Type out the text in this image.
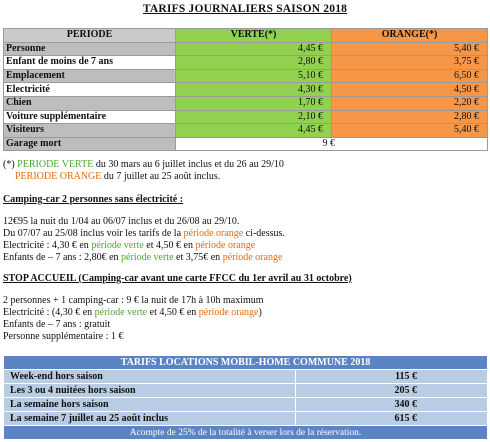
TARIFS JOURNALIERS SAISON 2018
PERIODE	VERTE(*)	ORANGE(*)
Personne	4,45 €	5,40 €
Enfant de moins de 7 ans	2,80 €	3,75 €
Emplacement	5,10 €	6,50 €
Electricité	4,30 €	4,50 €
Chien	1,70 €	2,20 €
Voiture supplémentaire	2,10 €	2,80 €
Visiteurs	4,45 €	5,40 €
Garage mort	9 €	

(*) PERIODE VERTE du 30 mars au 6 juillet inclus et du 26 au 29/10

PERIODE ORANGE du 7 juillet au 25 août inclus.

Camping-car 2 personnes sans électricité :

12€95 la nuit du 1/04 au 06/07 inclus et du 26/08 au 29/10.

Du 07/07 au 25/08 inclus voir les tarifs de la période orange ci-dessus.

Electricité : 4,30 € en période verte et 4,50 € en période orange

Enfants de – 7 ans : 2,80€ en période verte et 3,75€ en période orange

STOP ACCUEIL (Camping-car avant une carte FFCC du 1er avril au 31 octobre)

2 personnes + 1 camping-car : 9 € la nuit de 17h à 10h maximum

Electricité : (4,30 € en période verte et 4,50 € en période orange)

Enfants de – 7 ans : gratuit

Personne supplémentaire : 1 €

TARIFS LOCATIONS MOBIL-HOME COMMUNE 2018	
Week-end hors saison	115 €
Les 3 ou 4 nuitées hors saison	205 €
La semaine hors saison	340 €
La semaine 7 juillet au 25 août inclus	615 €
Acompte de 25% de la totalité à verser lors de la réservation.	
